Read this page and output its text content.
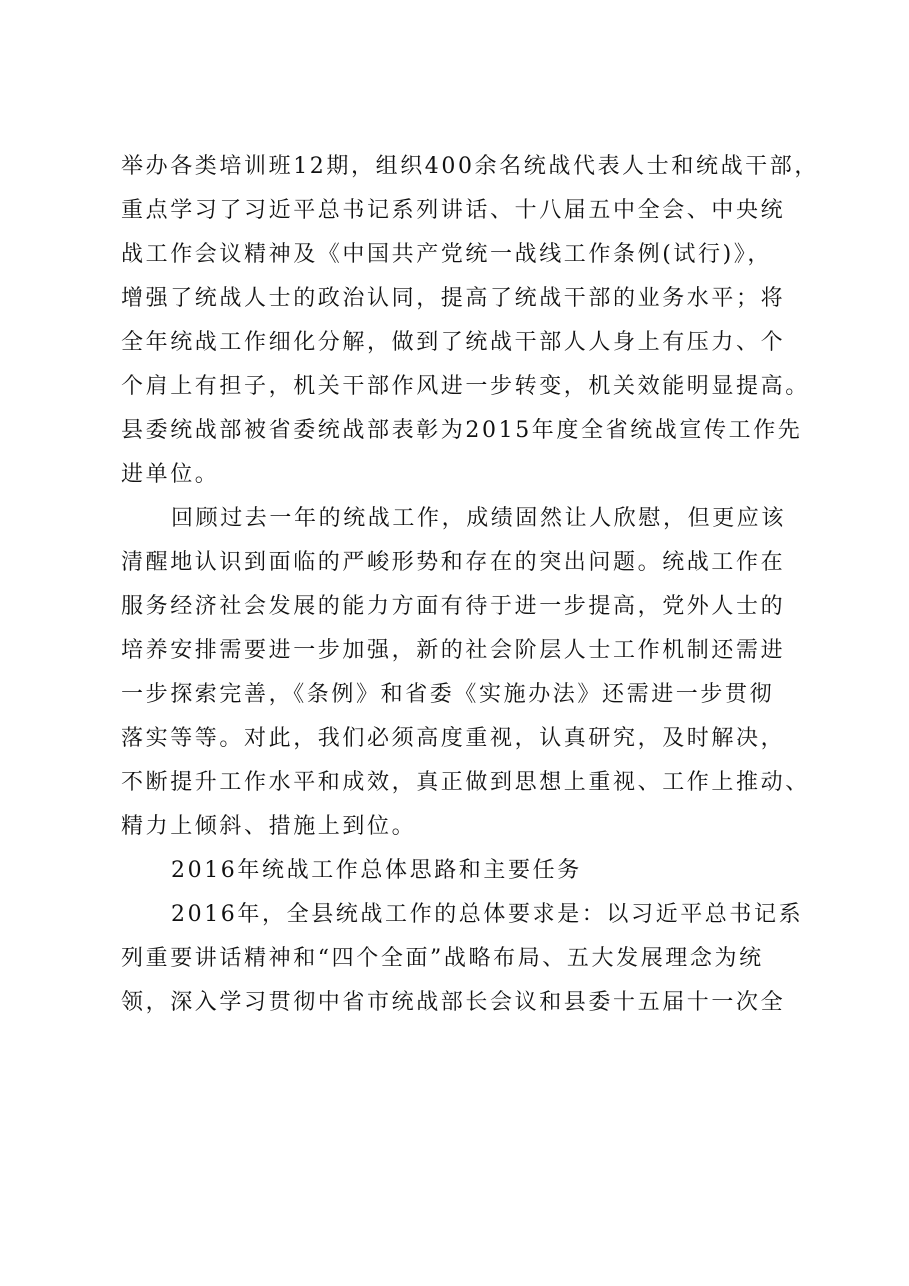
举办各类培训班12期，组织400余名统战代表人士和统战干部，
重点学习了习近平总书记系列讲话、十八届五中全会、中央统
战工作会议精神及《中国共产党统一战线工作条例(试行)》，
增强了统战人士的政治认同，提高了统战干部的业务水平；将
全年统战工作细化分解，做到了统战干部人人身上有压力、个
个肩上有担子，机关干部作风进一步转变，机关效能明显提高。
县委统战部被省委统战部表彰为2015年度全省统战宣传工作先
进单位。
回顾过去一年的统战工作，成绩固然让人欣慰，但更应该
清醒地认识到面临的严峻形势和存在的突出问题。统战工作在
服务经济社会发展的能力方面有待于进一步提高，党外人士的
培养安排需要进一步加强，新的社会阶层人士工作机制还需进
一步探索完善，《条例》和省委《实施办法》还需进一步贯彻
落实等等。对此，我们必须高度重视，认真研究，及时解决，
不断提升工作水平和成效，真正做到思想上重视、工作上推动、
精力上倾斜、措施上到位。
2016年统战工作总体思路和主要任务
2016年，全县统战工作的总体要求是：以习近平总书记系
列重要讲话精神和“四个全面”战略布局、五大发展理念为统
领，深入学习贯彻中省市统战部长会议和县委十五届十一次全
